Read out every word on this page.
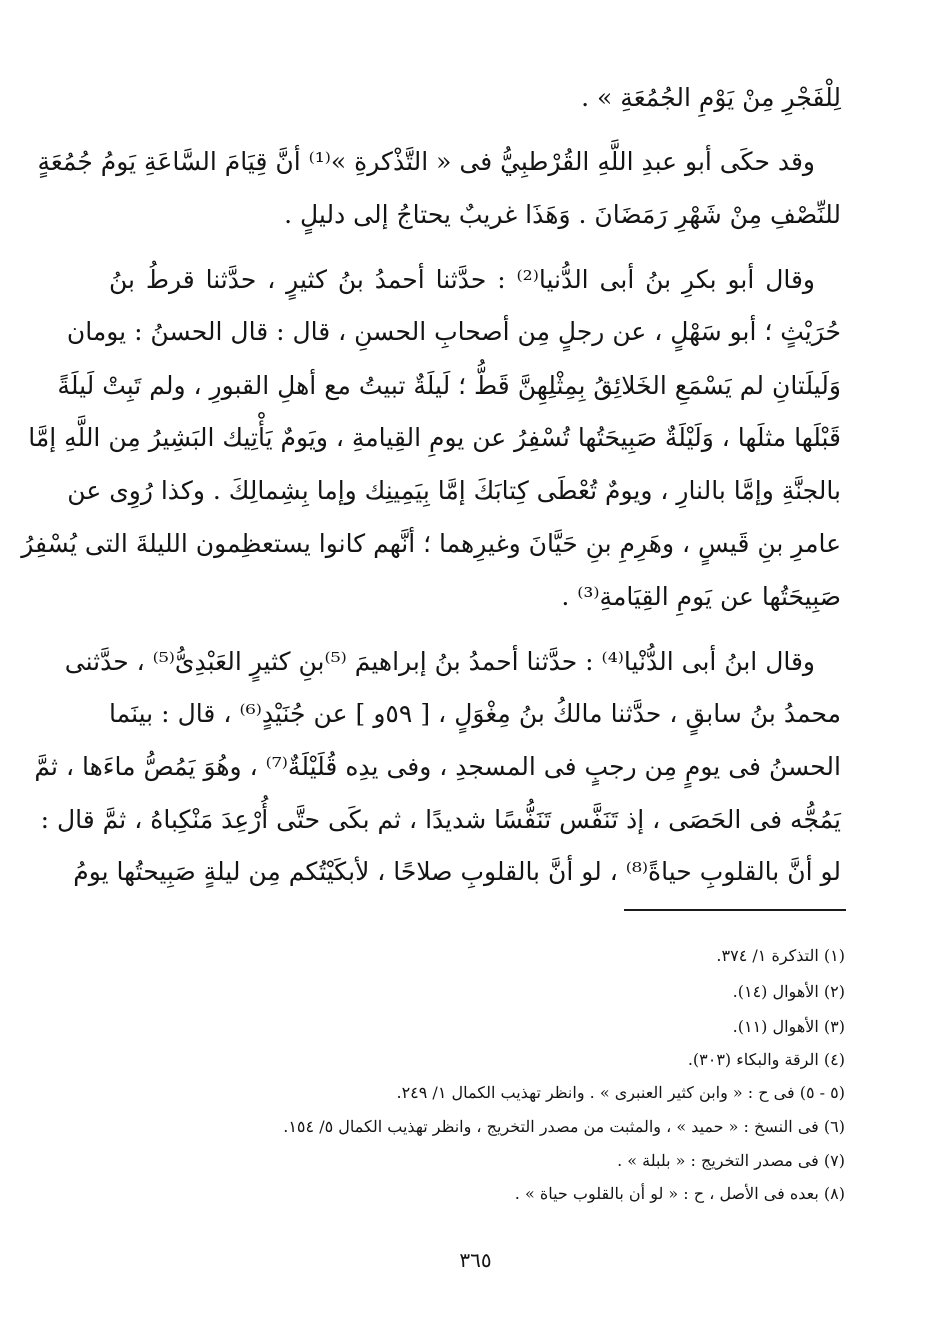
لِلْفَجْرِ مِنْ يَوْمِ الجُمُعَةِ » .
وقد حكَى أبو عبدِ اللَّهِ القُرْطبِيُّ فى « التَّذْكرةِ »⁽¹⁾ أنَّ قِيَامَ السَّاعَةِ يَومُ جُمُعَةٍ
للنِّصْفِ مِنْ شَهْرِ رَمَضَانَ . وَهَذَا غريبٌ يحتاجُ إلى دليلٍ .
وقال أبو بكرِ بنُ أبى الدُّنيا⁽²⁾ : حدَّثنا أحمدُ بنُ كثيرٍ ، حدَّثنا قرطُ بنُ
حُرَيْثٍ ؛ أبو سَهْلٍ ، عن رجلٍ مِن أصحابِ الحسنِ ، قال : قال الحسنُ : يومان
وَلَيلَتانِ لم يَسْمَعِ الخَلائِقُ بِمِثْلِهِنَّ قَطُّ ؛ لَيلَةٌ تبيتُ مع أهلِ القبورِ ، ولم تَبِتْ لَيلَةً
قَبْلَها مثلَها ، وَلَيْلَةٌ صَبِيحَتُها تُسْفِرُ عن يومِ القِيامةِ ، ويَومٌ يَأْتِيك البَشِيرُ مِن اللَّهِ إمَّا
بالجنَّةِ وإمَّا بالنارِ ، ويومٌ تُعْطَى كِتابَكَ إمَّا بِيَمِينِك وإما بِشِمالِكَ . وكذا رُوِى عن
عامرِ بنِ قَيسٍ ، وهَرِمِ بنِ حَيَّانَ وغيرِهما ؛ أنَّهم كانوا يستعظِمون الليلةَ التى يُسْفِرُ
صَبِيحَتُها عن يَومِ القِيَامةِ⁽³⁾ .
وقال ابنُ أبى الدُّنْيا⁽⁴⁾ : حدَّثنا أحمدُ بنُ إبراهيمَ ⁽⁵⁾بنِ كثيرٍ العَبْدِىُّ⁽⁵⁾ ، حدَّثنى
محمدُ بنُ سابقٍ ، حدَّثنا مالكُ بنُ مِغْوَلٍ ، [ ٥٩و ] عن جُنَيْدٍ⁽⁶⁾ ، قال : بينَما
الحسنُ فى يومٍ مِن رجبٍ فى المسجدِ ، وفى يدِه قُلَيْلَةٌ⁽⁷⁾ ، وهُوَ يَمُصُّ ماءَها ، ثمَّ
يَمُجُّه فى الحَصَى ، إذ تَنَفَّس تَنَفُّسًا شديدًا ، ثم بكَى حتَّى أُرْعِدَ مَنْكِباهُ ، ثمَّ قال :
لو أنَّ بالقلوبِ حياةً⁽⁸⁾ ، لو أنَّ بالقلوبِ صلاحًا ، لأبكَيْتُكم مِن ليلةٍ صَبِيحتُها يومُ
(١) التذكرة ١/ ٣٧٤.
(٢) الأهوال (١٤).
(٣) الأهوال (١١).
(٤) الرقة والبكاء (٣٠٣).
(٥ - ٥) فى ح : « وابن كثير العنبرى » . وانظر تهذيب الكمال ١/ ٢٤٩.
(٦) فى النسخ : « حميد » ، والمثبت من مصدر التخريج ، وانظر تهذيب الكمال ٥/ ١٥٤.
(٧) فى مصدر التخريج : « بلبلة » .
(٨) بعده فى الأصل ، ح : « لو أن بالقلوب حياة » .
٣٦٥
